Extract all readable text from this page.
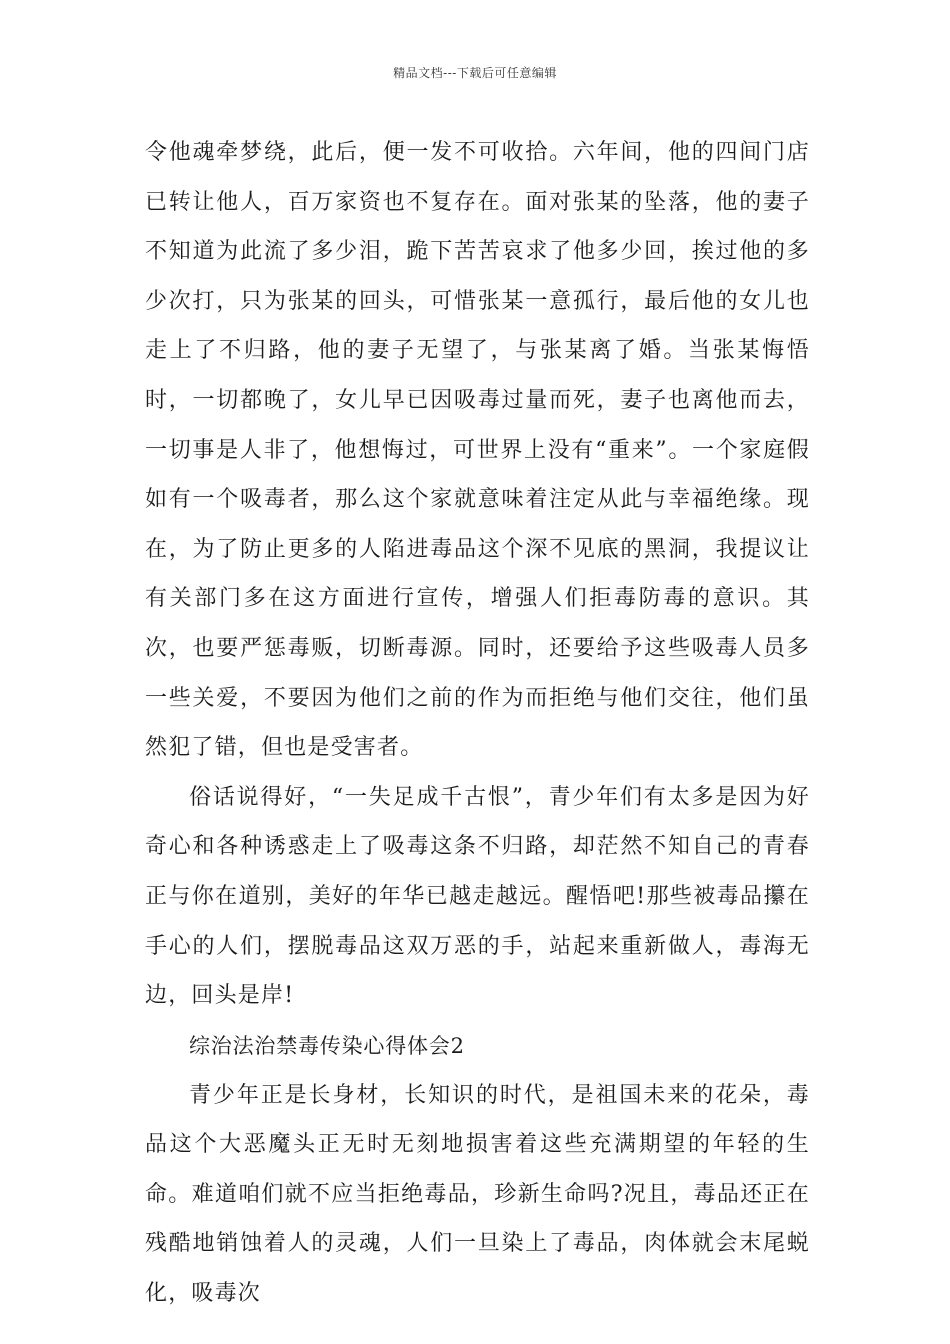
精品文档---下载后可任意编辑

令他魂牵梦绕，此后，便一发不可收拾。六年间，他的四间门店已转让他人，百万家资也不复存在。面对张某的坠落，他的妻子不知道为此流了多少泪，跪下苦苦哀求了他多少回，挨过他的多少次打，只为张某的回头，可惜张某一意孤行，最后他的女儿也走上了不归路，他的妻子无望了，与张某离了婚。当张某悔悟时，一切都晚了，女儿早已因吸毒过量而死，妻子也离他而去，一切事是人非了，他想悔过，可世界上没有“重来”。一个家庭假如有一个吸毒者，那么这个家就意味着注定从此与幸福绝缘。现在，为了防止更多的人陷进毒品这个深不见底的黑洞，我提议让有关部门多在这方面进行宣传，增强人们拒毒防毒的意识。其次，也要严惩毒贩，切断毒源。同时，还要给予这些吸毒人员多一些关爱，不要因为他们之前的作为而拒绝与他们交往，他们虽然犯了错，但也是受害者。

俗话说得好，“一失足成千古恨”，青少年们有太多是因为好奇心和各种诱惑走上了吸毒这条不归路，却茫然不知自己的青春正与你在道别，美好的年华已越走越远。醒悟吧!那些被毒品攥在手心的人们，摆脱毒品这双万恶的手，站起来重新做人，毒海无边，回头是岸!

综治法治禁毒传染心得体会2

青少年正是长身材，长知识的时代，是祖国未来的花朵，毒品这个大恶魔头正无时无刻地损害着这些充满期望的年轻的生命。难道咱们就不应当拒绝毒品，珍新生命吗?况且，毒品还正在残酷地销蚀着人的灵魂，人们一旦染上了毒品，肉体就会末尾蜕化，吸毒次
